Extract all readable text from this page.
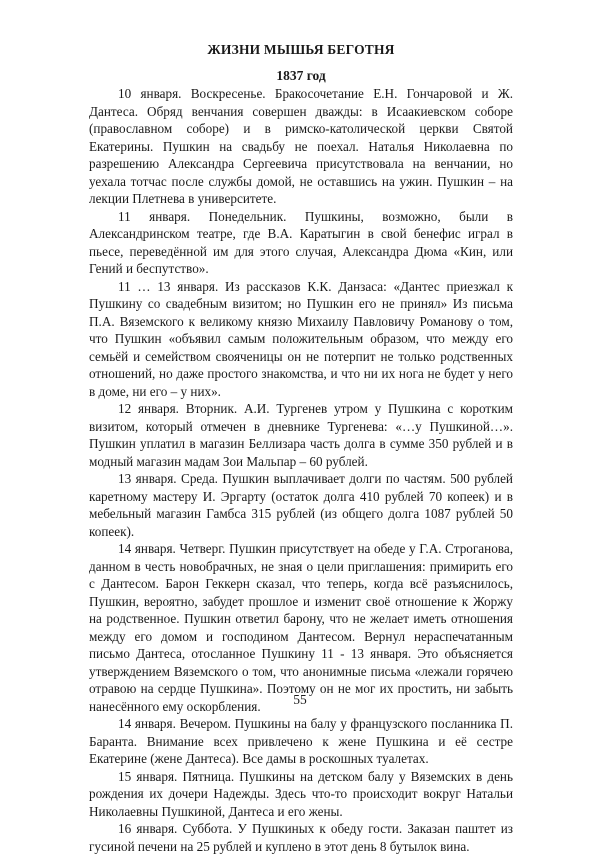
ЖИЗНИ МЫШЬЯ БЕГОТНЯ
1837 год

10 января. Воскресенье. Бракосочетание Е.Н. Гончаровой и Ж. Дантеса. Обряд венчания совершен дважды: в Исаакиевском соборе (православном соборе) и в римско-католической церкви Святой Екатерины. Пушкин на свадьбу не поехал. Наталья Николаевна по разрешению Александра Сергеевича присутствовала на венчании, но уехала тотчас после службы домой, не оставшись на ужин. Пушкин – на лекции Плетнева в университете.

11 января. Понедельник. Пушкины, возможно, были в Александринском театре, где В.А. Каратыгин в свой бенефис играл в пьесе, переведённой им для этого случая, Александра Дюма «Кин, или Гений и беспутство».

11 … 13 января. Из рассказов К.К. Данзаса: «Дантес приезжал к Пушкину со свадебным визитом; но Пушкин его не принял» Из письма П.А. Вяземского к великому князю Михаилу Павловичу Романову о том, что Пушкин «объявил самым положительным образом, что между его семьёй и семейством свояченицы он не потерпит не только родственных отношений, но даже простого знакомства, и что ни их нога не будет у него в доме, ни его – у них».

12 января. Вторник. А.И. Тургенев утром у Пушкина с коротким визитом, который отмечен в дневнике Тургенева: «…у Пушкиной…». Пушкин уплатил в магазин Беллизара часть долга в сумме 350 рублей и в модный магазин мадам Зои Мальпар – 60 рублей.

13 января. Среда. Пушкин выплачивает долги по частям. 500 рублей каретному мастеру И. Эргарту (остаток долга 410 рублей 70 копеек) и в мебельный магазин Гамбса 315 рублей (из общего долга 1087 рублей 50 копеек).

14 января. Четверг. Пушкин присутствует на обеде у Г.А. Строганова, данном в честь новобрачных, не зная о цели приглашения: примирить его с Дантесом. Барон Геккерн сказал, что теперь, когда всё разъяснилось, Пушкин, вероятно, забудет прошлое и изменит своё отношение к Жоржу на родственное. Пушкин ответил барону, что не желает иметь отношения между его домом и господином Дантесом. Вернул нераспечатанным письмо Дантеса, отосланное Пушкину 11 - 13 января. Это объясняется утверждением Вяземского о том, что анонимные письма «лежали горячею отравою на сердце Пушкина». Поэтому он не мог их простить, ни забыть нанесённого ему оскорбления.

14 января. Вечером. Пушкины на балу у французского посланника П. Баранта. Внимание всех привлечено к жене Пушкина и её сестре Екатерине (жене Дантеса). Все дамы в роскошных туалетах.

15 января. Пятница. Пушкины на детском балу у Вяземских в день рождения их дочери Надежды. Здесь что-то происходит вокруг Натальи Николаевны Пушкиной, Дантеса и его жены.

16 января. Суббота. У Пушкиных к обеду гости. Заказан паштет из гусиной печени на 25 рублей и куплено в этот день 8 бутылок вина.

55
